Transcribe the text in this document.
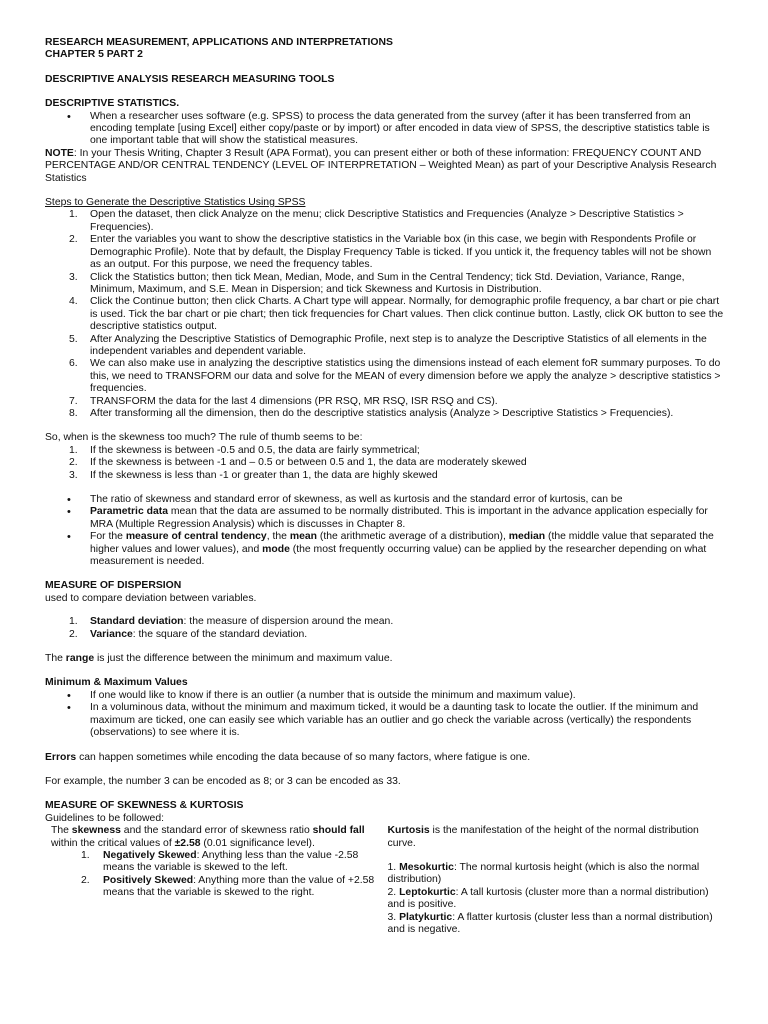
RESEARCH MEASUREMENT, APPLICATIONS AND INTERPRETATIONS

CHAPTER 5 PART 2

DESCRIPTIVE ANALYSIS RESEARCH MEASURING TOOLS

DESCRIPTIVE STATISTICS.

• When a researcher uses software (e.g. SPSS) to process the data generated from the survey (after it has been transferred from an encoding template [using Excel] either copy/paste or by import) or after encoded in data view of SPSS, the descriptive statistics table is one important table that will show the statistical measures.

NOTE: In your Thesis Writing, Chapter 3 Result (APA Format), you can present either or both of these information: FREQUENCY COUNT AND PERCENTAGE AND/OR CENTRAL TENDENCY (LEVEL OF INTERPRETATION – Weighted Mean) as part of your Descriptive Analysis Research Statistics

Steps to Generate the Descriptive Statistics Using SPSS

1. Open the dataset, then click Analyze on the menu; click Descriptive Statistics and Frequencies (Analyze > Descriptive Statistics > Frequencies).
2. Enter the variables you want to show the descriptive statistics in the Variable box (in this case, we begin with Respondents Profile or Demographic Profile). Note that by default, the Display Frequency Table is ticked. If you untick it, the frequency tables will not be shown as an output. For this purpose, we need the frequency tables.
3. Click the Statistics button; then tick Mean, Median, Mode, and Sum in the Central Tendency; tick Std. Deviation, Variance, Range, Minimum, Maximum, and S.E. Mean in Dispersion; and tick Skewness and Kurtosis in Distribution.
4. Click the Continue button; then click Charts. A Chart type will appear. Normally, for demographic profile frequency, a bar chart or pie chart is used. Tick the bar chart or pie chart; then tick frequencies for Chart values. Then click continue button. Lastly, click OK button to see the descriptive statistics output.
5. After Analyzing the Descriptive Statistics of Demographic Profile, next step is to analyze the Descriptive Statistics of all elements in the independent variables and dependent variable.
6. We can also make use in analyzing the descriptive statistics using the dimensions instead of each element foR summary purposes. To do this, we need to TRANSFORM our data and solve for the MEAN of every dimension before we apply the analyze > descriptive statistics > frequencies.
7. TRANSFORM the data for the last 4 dimensions (PR RSQ, MR RSQ, ISR RSQ and CS).
8. After transforming all the dimension, then do the descriptive statistics analysis (Analyze > Descriptive Statistics > Frequencies).

So, when is the skewness too much? The rule of thumb seems to be:

1. If the skewness is between -0.5 and 0.5, the data are fairly symmetrical;
2. If the skewness is between -1 and – 0.5 or between 0.5 and 1, the data are moderately skewed
3. If the skewness is less than -1 or greater than 1, the data are highly skewed
• The ratio of skewness and standard error of skewness, as well as kurtosis and the standard error of kurtosis, can be
• Parametric data mean that the data are assumed to be normally distributed. This is important in the advance application especially for MRA (Multiple Regression Analysis) which is discusses in Chapter 8.
• For the measure of central tendency, the mean (the arithmetic average of a distribution), median (the middle value that separated the higher values and lower values), and mode (the most frequently occurring value) can be applied by the researcher depending on what measurement is needed.

MEASURE OF DISPERSION

used to compare deviation between variables.

1. Standard deviation: the measure of dispersion around the mean.
2. Variance: the square of the standard deviation.

The range is just the difference between the minimum and maximum value.

Minimum & Maximum Values

• If one would like to know if there is an outlier (a number that is outside the minimum and maximum value).
• In a voluminous data, without the minimum and maximum ticked, it would be a daunting task to locate the outlier. If the minimum and maximum are ticked, one can easily see which variable has an outlier and go check the variable across (vertically) the respondents (observations) to see where it is.

Errors can happen sometimes while encoding the data because of so many factors, where fatigue is one.

For example, the number 3 can be encoded as 8; or 3 can be encoded as 33.

MEASURE OF SKEWNESS & KURTOSIS

Guidelines to be followed:

The skewness and the standard error of skewness ratio should fall within the critical values of ±2.58 (0.01 significance level).

1. Negatively Skewed: Anything less than the value -2.58 means the variable is skewed to the left.
2. Positively Skewed: Anything more than the value of +2.58 means that the variable is skewed to the right.

Kurtosis is the manifestation of the height of the normal distribution curve.

1. Mesokurtic: The normal kurtosis height (which is also the normal distribution)

2. Leptokurtic: A tall kurtosis (cluster more than a normal distribution) and is positive.

3. Platykurtic: A flatter kurtosis (cluster less than a normal distribution) and is negative.
